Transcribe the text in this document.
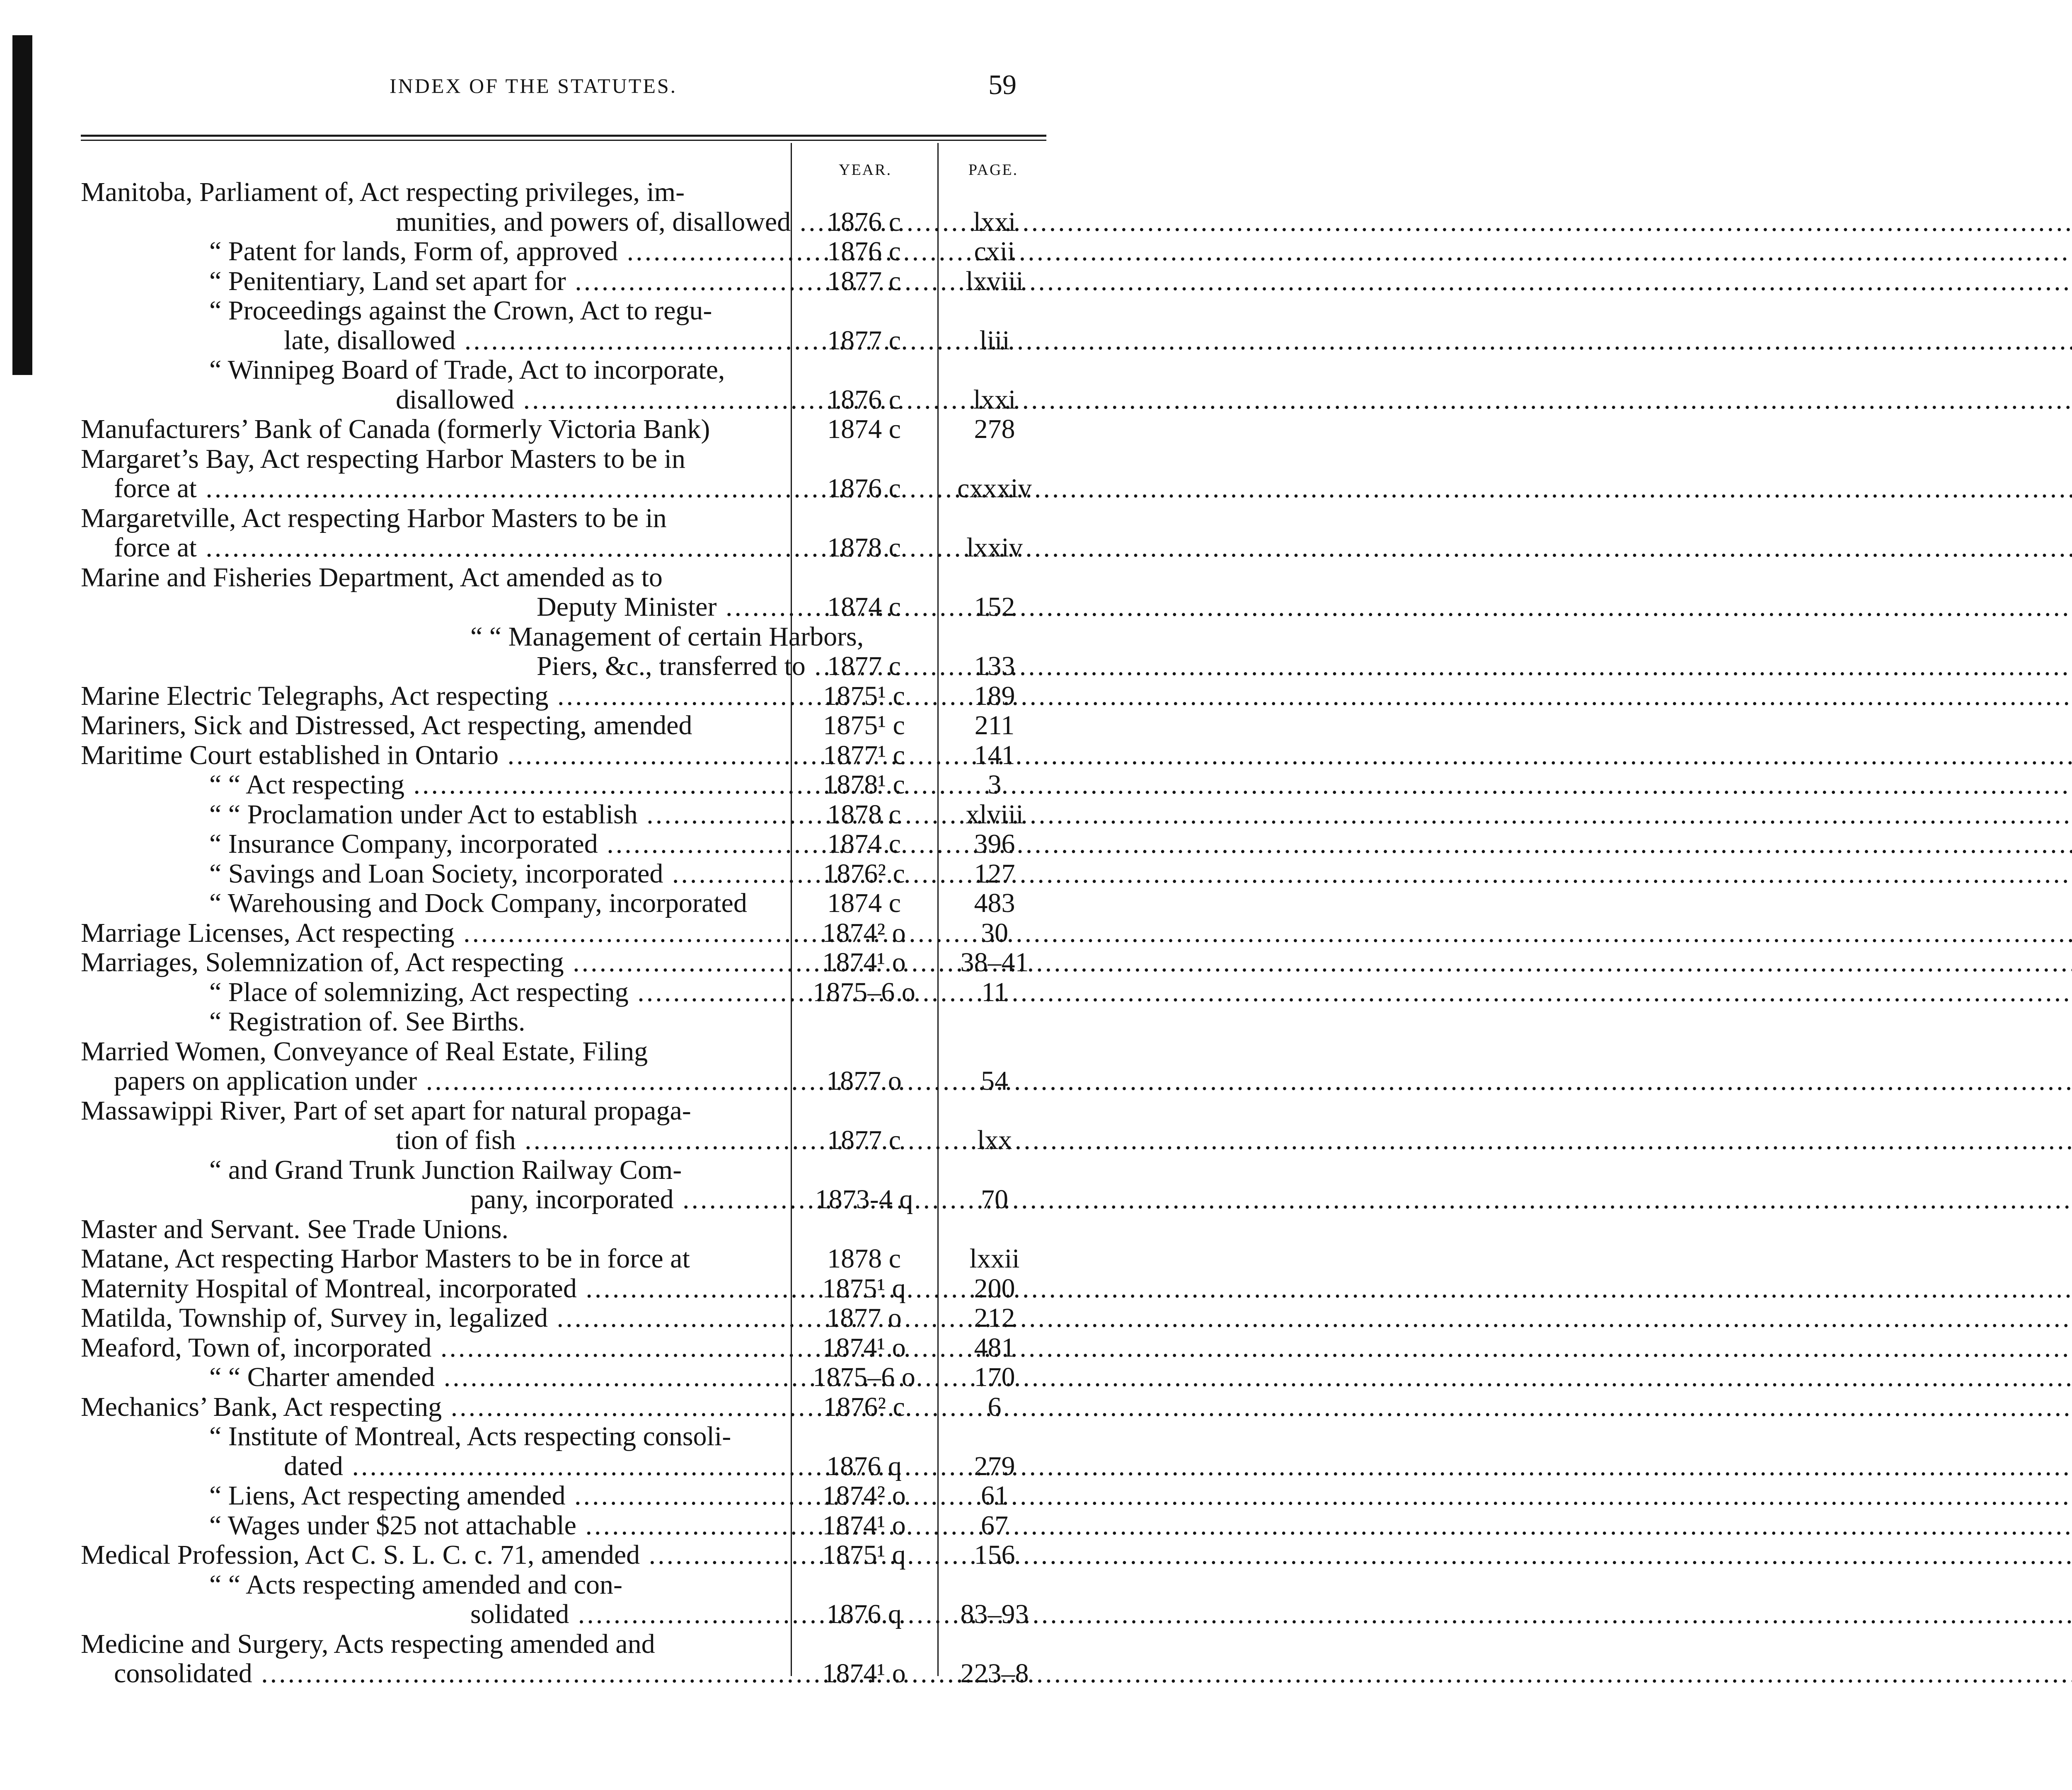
INDEX OF THE STATUTES.	59
YEAR.	PAGE.
Manitoba, Parliament of, Act respecting privileges, im-
munities, and powers of, disallowed .....	1876 c	lxxi
“ Patent for lands, Form of, approved .....	1876 c	cxii
“ Penitentiary, Land set apart for .....	1877 c	lxviii
“ Proceedings against the Crown, Act to regu-
late, disallowed .....	1877 c	liii
“ Winnipeg Board of Trade, Act to incorporate,
disallowed .....	1876 c	lxxi
Manufacturers’ Bank of Canada (formerly Victoria Bank)	1874 c	278
Margaret’s Bay, Act respecting Harbor Masters to be in
force at .....	1876 c	cxxxiv
Margaretville, Act respecting Harbor Masters to be in
force at .....	1878 c	lxxiv
Marine and Fisheries Department, Act amended as to
Deputy Minister .....	1874 c	152
“ “ Management of certain Harbors,
Piers, &c., transferred to ..... 1877 c	133
Marine Electric Telegraphs, Act respecting .....	1875¹ c	189
Mariners, Sick and Distressed, Act respecting, amended	1875¹ c	211
Maritime Court established in Ontario .....	1877¹ c	141
“ “ Act respecting .....	1878¹ c	3
“ “ Proclamation under Act to establish .....	1878 c	xlviii
“ Insurance Company, incorporated .....	1874 c	396
“ Savings and Loan Society, incorporated .....	1876² c	127
“ Warehousing and Dock Company, incorporated	1874 c	483
Marriage Licenses, Act respecting .....	1874² o	30
Marriages, Solemnization of, Act respecting .....	1874¹ o	38–41
“ Place of solemnizing, Act respecting .....	1875–6 o	11
“ Registration of. See Births.
Married Women, Conveyance of Real Estate, Filing
papers on application under .....	1877 o	54
Massawippi River, Part of set apart for natural propaga-
tion of fish .....	1877 c	lxx
“ and Grand Trunk Junction Railway Com-
pany, incorporated .....	1873-4 q	70
Master and Servant. See Trade Unions.
Matane, Act respecting Harbor Masters to be in force at	1878 c	lxxii
Maternity Hospital of Montreal, incorporated .....	1875¹ q	200
Matilda, Township of, Survey in, legalized .....	1877 o	212
Meaford, Town of, incorporated .....	1874¹ o	481
“ “ Charter amended .....	1875–6 o	170
Mechanics’ Bank, Act respecting .....	1876² c	6
“ Institute of Montreal, Acts respecting consoli-
dated .....	1876 q	279
“ Liens, Act respecting amended .....	1874² o	61
“ Wages under $25 not attachable .....	1874¹ o	67
Medical Profession, Act C. S. L. C. c. 71, amended .....	1875¹ q	156
“ “ Acts respecting amended and con-
solidated .....	1876 q	83–93
Medicine and Surgery, Acts respecting amended and
consolidated .....	1874¹ o	223–8
